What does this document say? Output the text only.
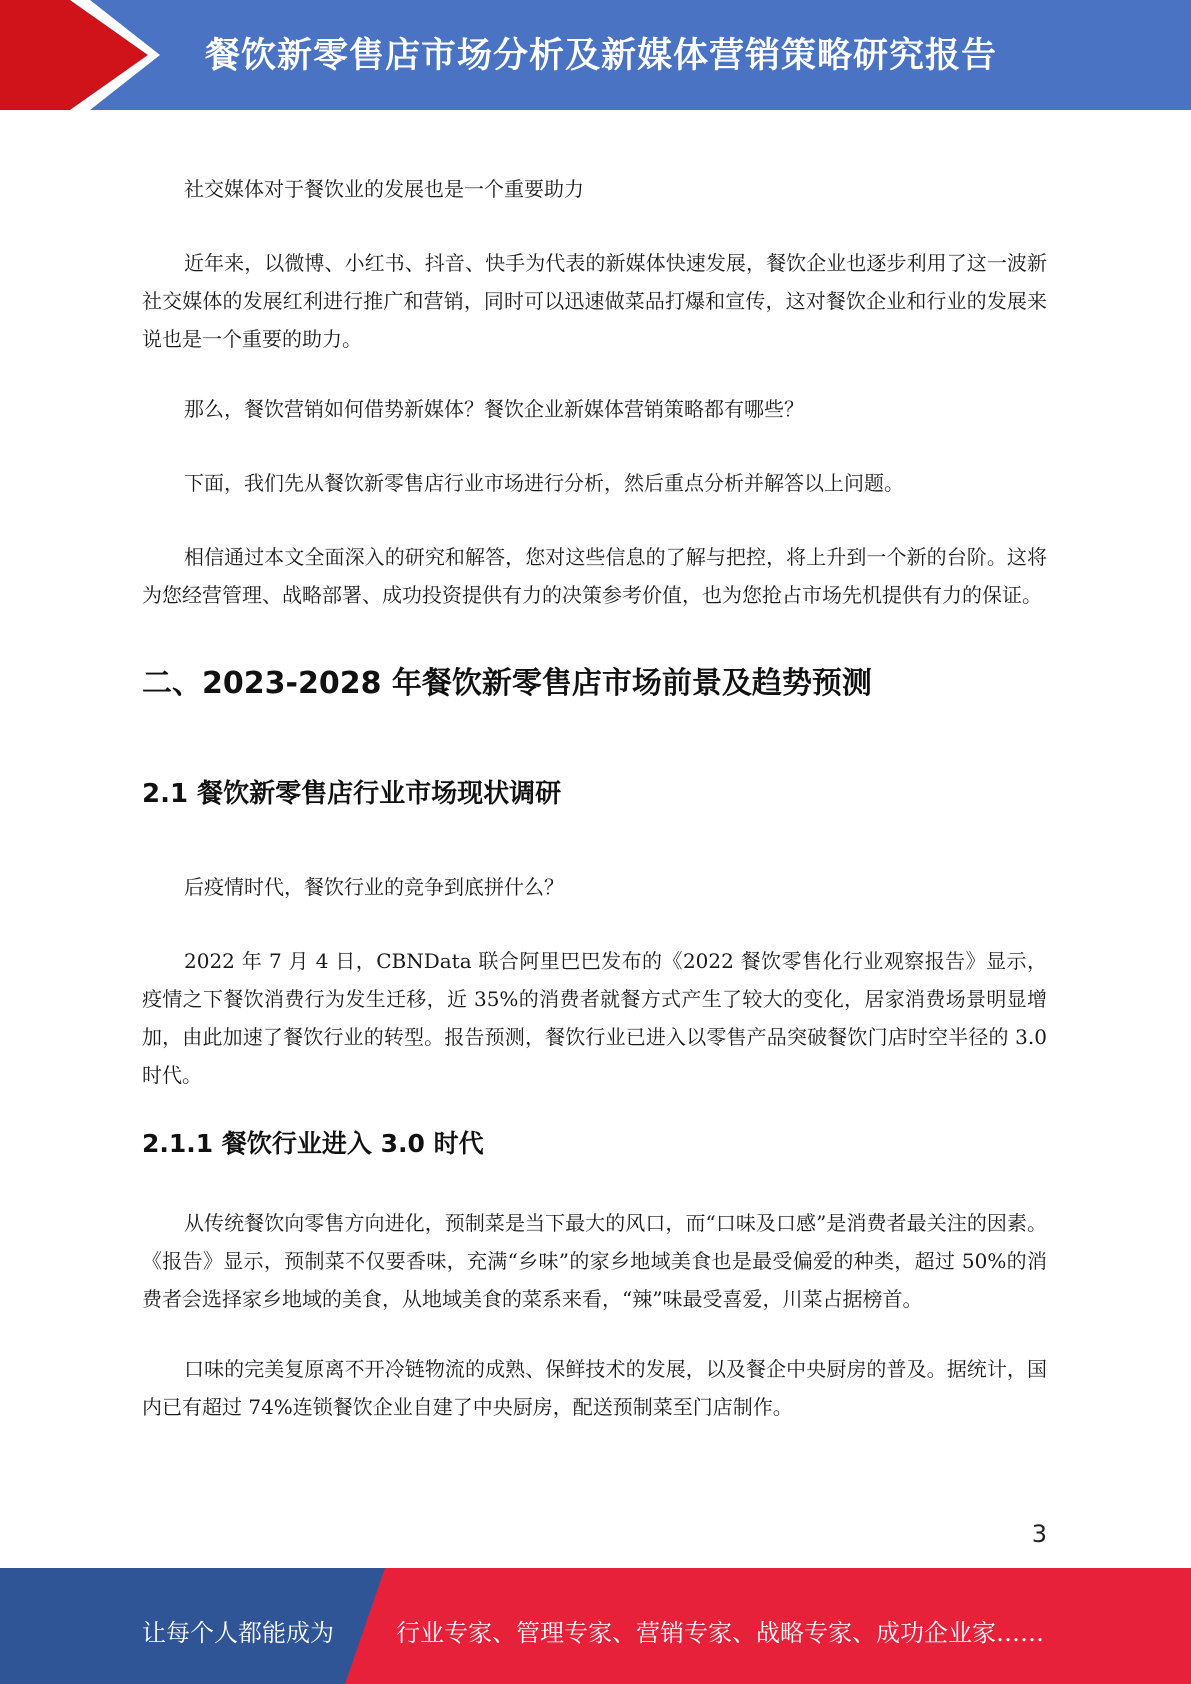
餐饮新零售店市场分析及新媒体营销策略研究报告

社交媒体对于餐饮业的发展也是一个重要助力

近年来，以微博、小红书、抖音、快手为代表的新媒体快速发展，餐饮企业也逐步利用了这一波新社交媒体的发展红利进行推广和营销，同时可以迅速做菜品打爆和宣传，这对餐饮企业和行业的发展来说也是一个重要的助力。

那么，餐饮营销如何借势新媒体？餐饮企业新媒体营销策略都有哪些？

下面，我们先从餐饮新零售店行业市场进行分析，然后重点分析并解答以上问题。

相信通过本文全面深入的研究和解答，您对这些信息的了解与把控，将上升到一个新的台阶。这将为您经营管理、战略部署、成功投资提供有力的决策参考价值，也为您抢占市场先机提供有力的保证。

二、2023-2028 年餐饮新零售店市场前景及趋势预测
2.1 餐饮新零售店行业市场现状调研

后疫情时代，餐饮行业的竞争到底拼什么？

2022 年 7 月 4 日，CBNData 联合阿里巴巴发布的《2022 餐饮零售化行业观察报告》显示，疫情之下餐饮消费行为发生迁移，近 35%的消费者就餐方式产生了较大的变化，居家消费场景明显增加，由此加速了餐饮行业的转型。报告预测，餐饮行业已进入以零售产品突破餐饮门店时空半径的 3.0 时代。

2.1.1 餐饮行业进入 3.0 时代

从传统餐饮向零售方向进化，预制菜是当下最大的风口，而“口味及口感”是消费者最关注的因素。《报告》显示，预制菜不仅要香味，充满“乡味”的家乡地域美食也是最受偏爱的种类，超过 50%的消费者会选择家乡地域的美食，从地域美食的菜系来看，“辣”味最受喜爱，川菜占据榜首。

口味的完美复原离不开冷链物流的成熟、保鲜技术的发展，以及餐企中央厨房的普及。据统计，国内已有超过 74%连锁餐饮企业自建了中央厨房，配送预制菜至门店制作。

3
让每个人都能成为	行业专家、管理专家、营销专家、战略专家、成功企业家……
